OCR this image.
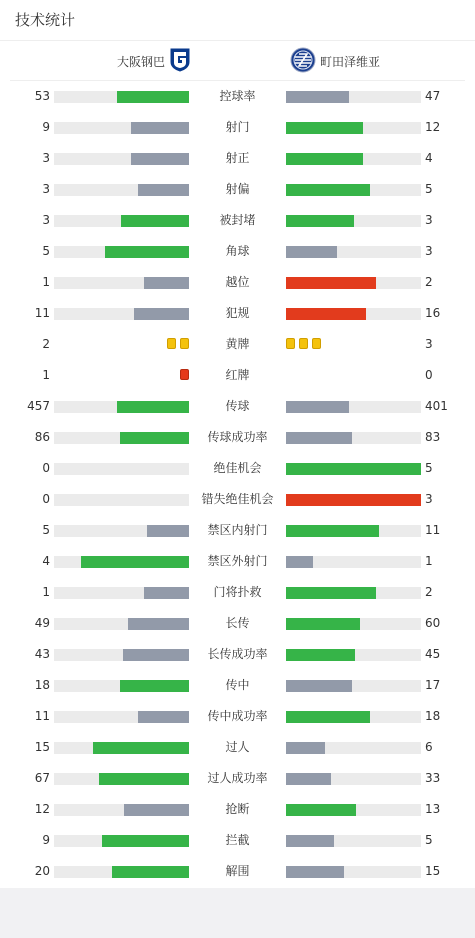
技术统计
大阪钢巴	町田泽维亚
53	控球率	47
9	射门	12
3	射正	4
3	射偏	5
3	被封堵	3
5	角球	3
1	越位	2
11	犯规	16
2	黄牌	3
1	红牌	0
457	传球	401
86	传球成功率	83
0	绝佳机会	5
0	错失绝佳机会	3
5	禁区内射门	11
4	禁区外射门	1
1	门将扑救	2
49	长传	60
43	长传成功率	45
18	传中	17
11	传中成功率	18
15	过人	6
67	过人成功率	33
12	抢断	13
9	拦截	5
20	解围	15
